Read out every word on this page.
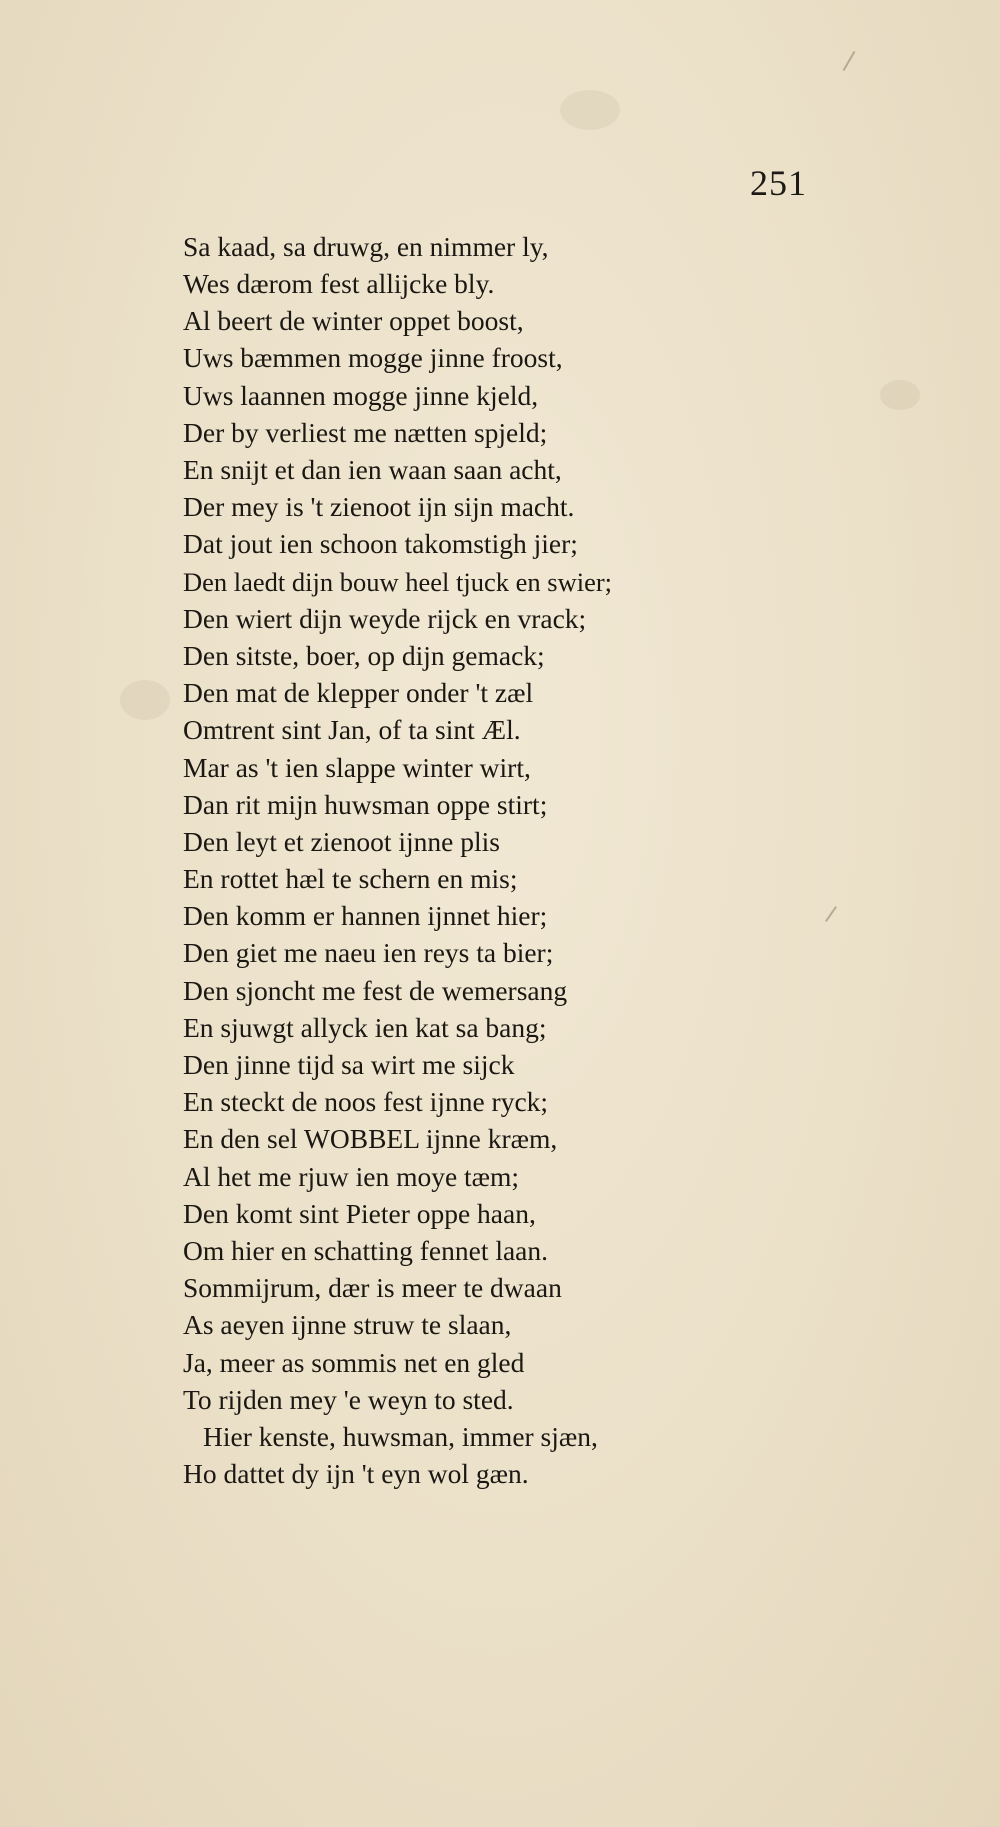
251
Sa kaad, sa druwg, en nimmer ly,
Wes dærom fest allijcke bly.
Al beert de winter oppet boost,
Uws bæmmen mogge jinne froost,
Uws laannen mogge jinne kjeld,
Der by verliest me nætten spjeld;
En snijt et dan ien waan saan acht,
Der mey is 't zienoot ijn sijn macht.
Dat jout ien schoon takomstigh jier;
Den laedt dijn bouw heel tjuck en swier;
Den wiert dijn weyde rijck en vrack;
Den sitste, boer, op dijn gemack;
Den mat de klepper onder 't zæl
Omtrent sint Jan, of ta sint Æl.
Mar as 't ien slappe winter wirt,
Dan rit mijn huwsman oppe stirt;
Den leyt et zienoot ijnne plis
En rottet hæl te schern en mis;
Den komm er hannen ijnnet hier;
Den giet me naeu ien reys ta bier;
Den sjoncht me fest de wemersang
En sjuwgt allyck ien kat sa bang;
Den jinne tijd sa wirt me sijck
En steckt de noos fest ijnne ryck;
En den sel WOBBEL ijnne kræm,
Al het me rjuw ien moye tæm;
Den komt sint Pieter oppe haan,
Om hier en schatting fennet laan.
Sommijrum, dær is meer te dwaan
As aeyen ijnne struw te slaan,
Ja, meer as sommis net en gled
To rijden mey 'e weyn to sted.
Hier kenste, huwsman, immer sjæn,
Ho dattet dy ijn 't eyn wol gæn.
